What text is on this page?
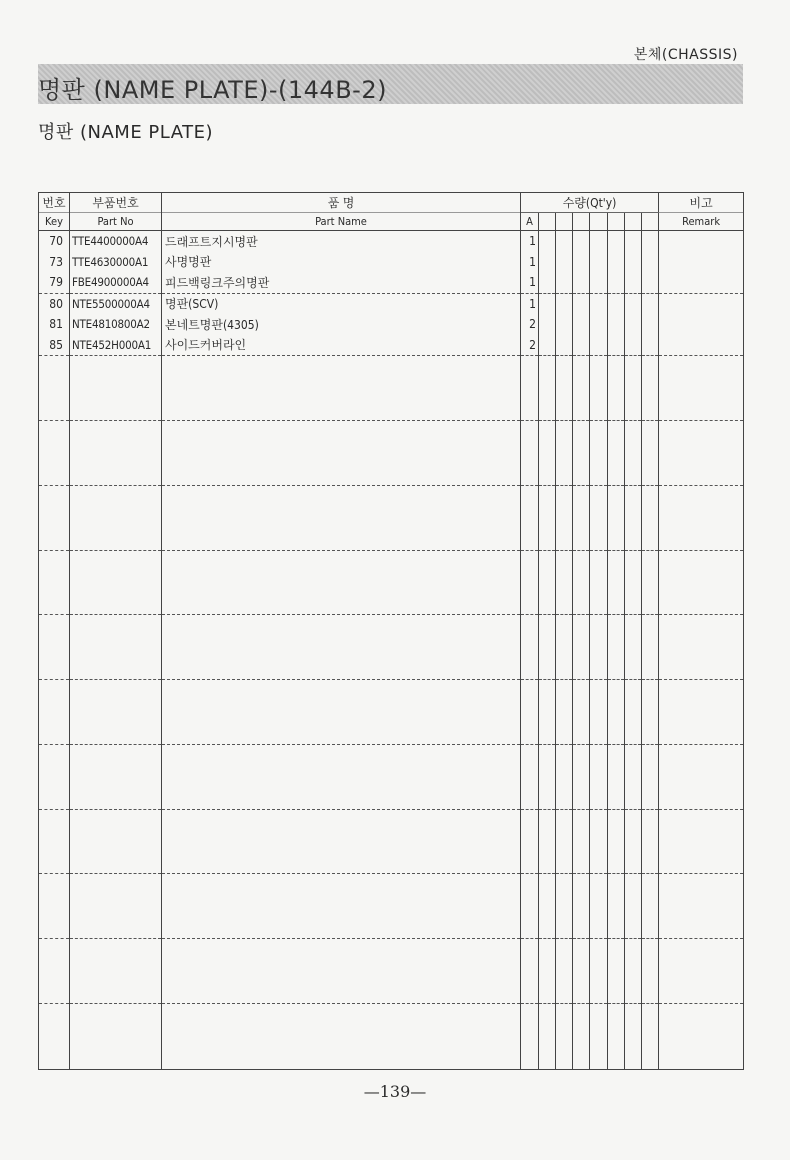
본체(CHASSIS)
명판 (NAME PLATE)-(144B-2)
명판 (NAME PLATE)
번호	부품번호	품 명	수량(Qt'y)								비고
Key	Part No	Part Name	A								Remark
70	TTE4400000A4	드래프트지시명판	1								
73	TTE4630000A1	사명명판	1								
79	FBE4900000A4	피드백링크주의명판	1								
80	NTE5500000A4	명판(SCV)	1								
81	NTE4810800A2	본네트명판(4305)	2								
85	NTE452H000A1	사이드커버라인	2								

—139—
